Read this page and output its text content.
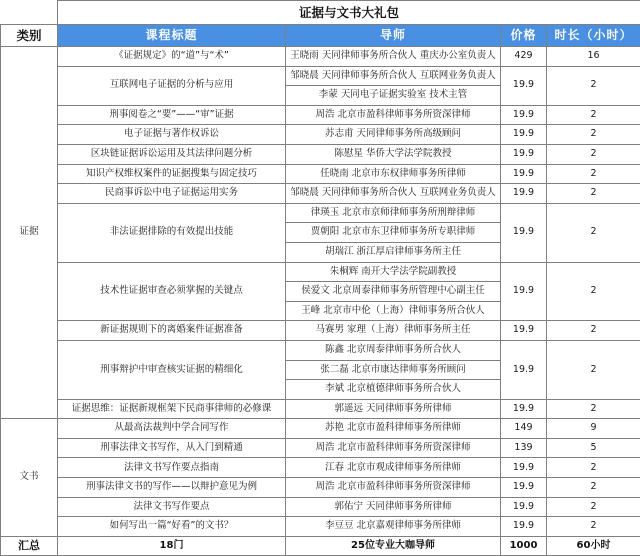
	证据与文书大礼包			
类别	课程标题	导师	价格	时长（小时）
证据	《证据规定》的“道”与“术”	王晓雨 天同律师事务所合伙人 重庆办公室负责人	429	16
	互联网电子证据的分析与应用	邹晓晨 天同律师事务所合伙人 互联网业务负责人	19.9	2
		李蒙 天同电子证据实验室 技术主管		
	刑事阅卷之“要”——“审”证据	周浩 北京市盈科律师事务所资深律师	19.9	2
	电子证据与著作权诉讼	苏志甫 天同律师事务所高级顾问	19.9	2
	区块链证据诉讼运用及其法律问题分析	陈慰星 华侨大学法学院教授	19.9	2
	知识产权维权案件的证据搜集与固定技巧	任晓南 北京市东权律师事务所律师	19.9	2
	民商事诉讼中电子证据运用实务	邹晓晨 天同律师事务所合伙人 互联网业务负责人	19.9	2
	非法证据排除的有效提出技能	律瑛玉 北京市京师律师事务所刑辩律师	19.9	2
		贾朝阳 北京市东卫律师事务所专职律师		
		胡瑞江 浙江厚启律师事务所主任		
	技术性证据审查必须掌握的关键点	朱桐辉 南开大学法学院副教授	19.9	2
		侯爱文 北京周泰律师事务所管理中心副主任		
		王峰 北京市中伦（上海）律师事务所合伙人		
	新证据规则下的离婚案件证据准备	马赛男 家理（上海）律师事务所主任	19.9	2
	刑事辩护中审查核实证据的精细化	陈鑫 北京周泰律师事务所合伙人	19.9	2
		张二磊 北京市康达律师事务所顾问		
		李斌 北京植德律师事务所合伙人		
	证据思维：证据新规框架下民商事律师的必修课	郭遥远 天同律师事务所律师	19.9	2
文书	从最高法裁判中学合同写作	苏艳 北京市盈科律师事务所律师	149	9
	刑事法律文书写作，从入门到精通	周浩 北京市盈科律师事务所资深律师	139	5
	法律文书写作要点指南	江春 北京市观成律师事务所律师	19.9	2
	刑事法律文书的写作——以辩护意见为例	周浩 北京市盈科律师事务所资深律师	19.9	2
	法律文书写作要点	郭佑宁 天同律师事务所律师	19.9	2
	如何写出一篇“好看”的文书？	李豆豆 北京嘉观律师事务所律师	19.9	2
汇总	18门	25位专业大咖导师	1000	60小时
